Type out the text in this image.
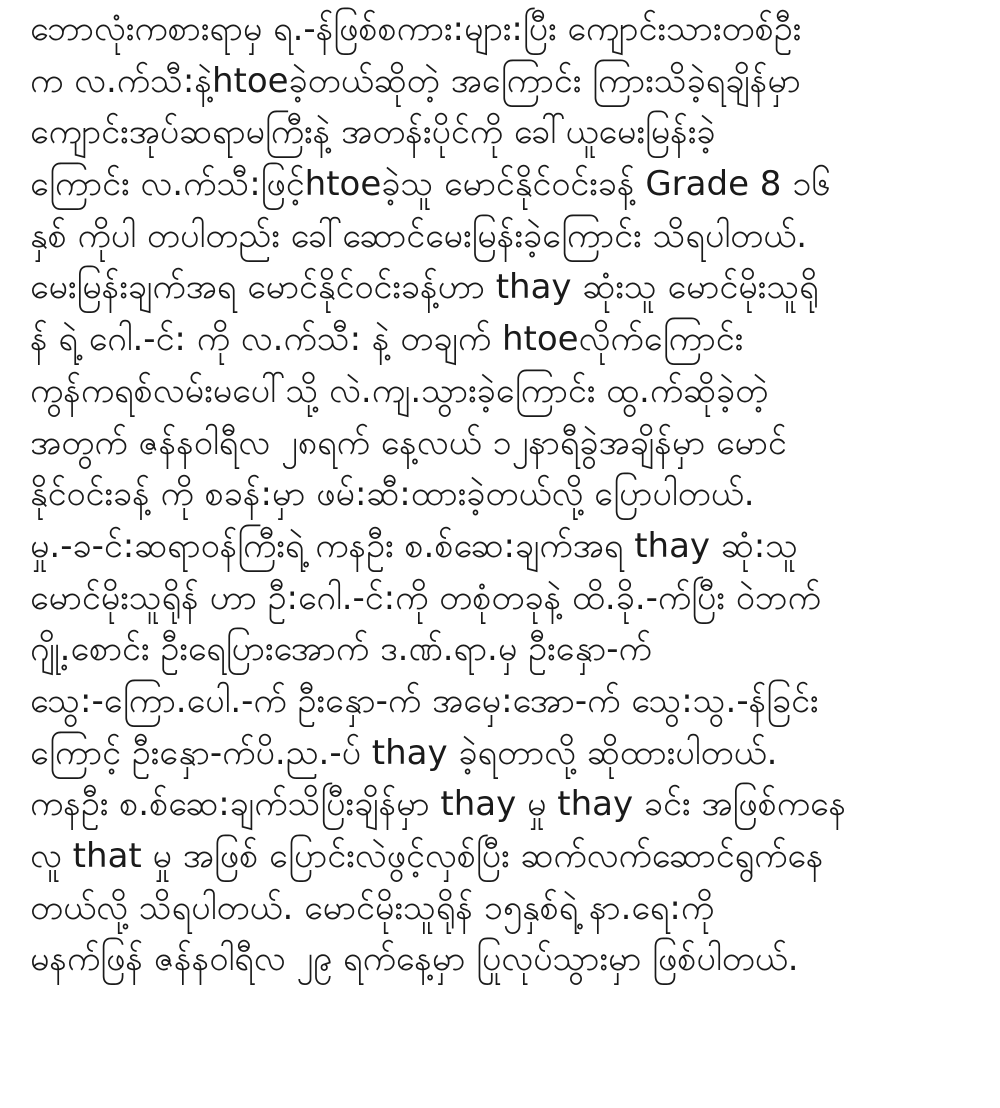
ဘောလုံးကစားရာမှ ရ.-န်ဖြစ်စကား:များ:ပြီး ကျောင်းသားတစ်ဦး
က လ.က်သီ:နဲ့htoeခဲ့တယ်ဆိုတဲ့ အကြောင်း ကြားသိခဲ့ရချိန်မှာ
ကျောင်းအုပ်ဆရာမကြီးနဲ့ အတန်းပိုင်ကို ခေါ်ယူမေးမြန်းခဲ့
ကြောင်း လ.က်သီ:ဖြင့်htoeခဲ့သူ မောင်နိုင်ဝင်းခန့် Grade 8 ၁၆
နှစ် ကိုပါ တပါတည်း ခေါ်ဆောင်မေးမြန်းခဲ့ကြောင်း သိရပါတယ်.
မေးမြန်းချက်အရ မောင်နိုင်ဝင်းခန့်ဟာ thay ဆုံးသူ မောင်မိုးသူရို
န် ရဲ့ ဂေါ.-င်: ကို လ.က်သီ: နဲ့ တချက် htoeလိုက်ကြောင်း
ကွန်ကရစ်လမ်းမပေါ်သို့ လဲ.ကျ.သွားခဲ့ကြောင်း ထွ.က်ဆိုခဲ့တဲ့
အတွက် ဇန်နဝါရီလ ၂၈ရက် နေ့လယ် ၁၂နာရီခွဲအချိန်မှာ မောင်
နိုင်ဝင်းခန့် ကို စခန်:မှာ ဖမ်:ဆီ:ထားခဲ့တယ်လို့ ပြောပါတယ်.
မှု.-ခ-င်:ဆရာဝန်ကြီးရဲ့ ကနဦး စ.စ်ဆေ:ချက်အရ thay ဆုံ:သူ
မောင်မိုးသူရိုန် ဟာ ဦ:ဂေါ.-င်:ကို တစုံတခုနဲ့ ထိ.ခို.-က်ပြီး ဝဲဘက်
ဂျို့.စောင်း ဦးရေပြားအောက် ဒ.ဏ်.ရာ.မှ ဦးနှော-က်
သွေ:-ကြော.ပေါ.-က် ဦးနှော-က် အမှေ:အော-က် သွေ:သွ.-န်ခြင်း
ကြောင့် ဦးနှော-က်ပိ.ည.-ပ် thay ခဲ့ရတာလို့ ဆိုထားပါတယ်.
ကနဦး စ.စ်ဆေ:ချက်သိပြီးချိန်မှာ thay မှု thay ခင်း အဖြစ်ကနေ
လူ that မှု အဖြစ် ပြောင်းလဲဖွင့်လှစ်ပြီး ဆက်လက်ဆောင်ရွက်နေ
တယ်လို့ သိရပါတယ်. မောင်မိုးသူရိုန် ၁၅နှစ်ရဲ့ နာ.ရေ:ကို
မနက်ဖြန် ဇန်နဝါရီလ ၂၉ ရက်နေ့မှာ ပြုလုပ်သွားမှာ ဖြစ်ပါတယ်.
